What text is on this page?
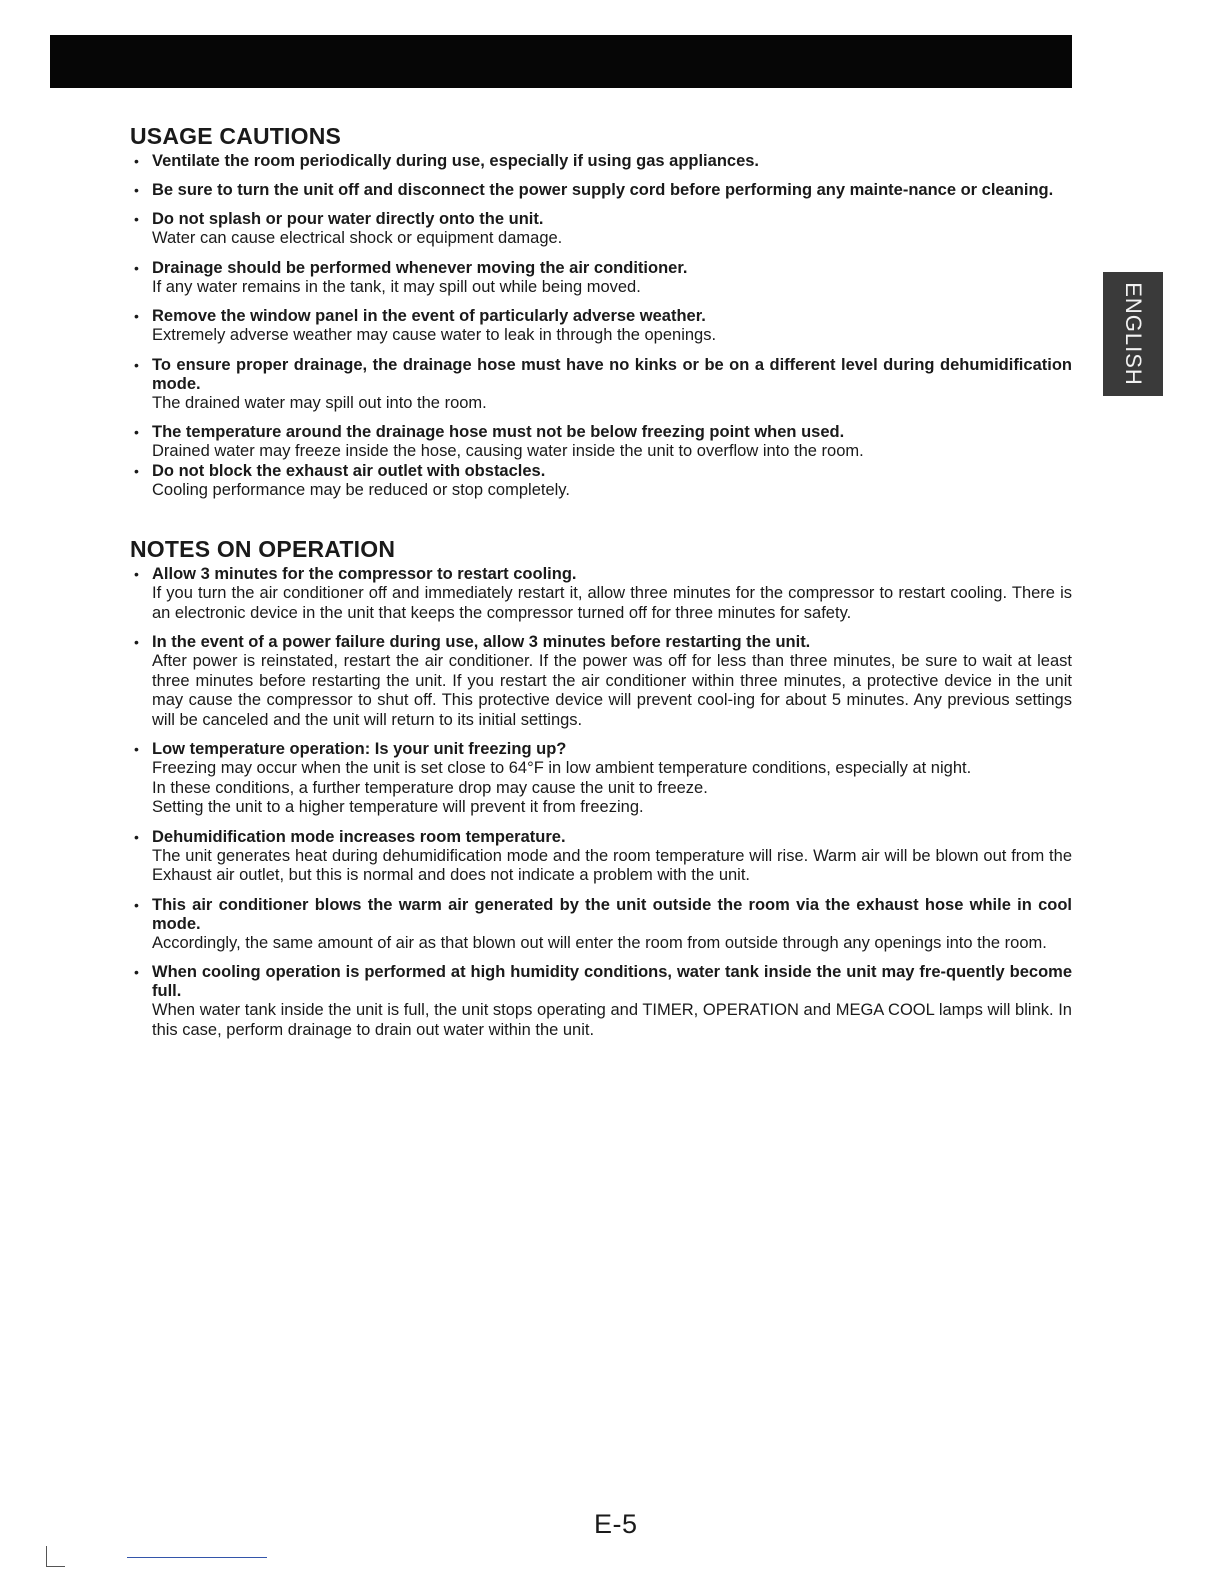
ENGLISH
USAGE CAUTIONS
• Ventilate the room periodically during use, especially if using gas appliances.
• Be sure to turn the unit off and disconnect the power supply cord before performing any mainte-nance or cleaning.
• Do not splash or pour water directly onto the unit.
Water can cause electrical shock or equipment damage.
• Drainage should be performed whenever moving the air conditioner.
If any water remains in the tank, it may spill out while being moved.
• Remove the window panel in the event of particularly adverse weather.
Extremely adverse weather may cause water to leak in through the openings.
• To ensure proper drainage, the drainage hose must have no kinks or be on a different level during dehumidification mode.
The drained water may spill out into the room.
• The temperature around the drainage hose must not be below freezing point when used.
Drained water may freeze inside the hose, causing water inside the unit to overflow into the room.
• Do not block the exhaust air outlet with obstacles.
Cooling performance may be reduced or stop completely.
NOTES ON OPERATION
• Allow 3 minutes for the compressor to restart cooling.
If you turn the air conditioner off and immediately restart it, allow three minutes for the compressor to restart cooling. There is an electronic device in the unit that keeps the compressor turned off for three minutes for safety.
• In the event of a power failure during use, allow 3 minutes before restarting the unit.
After power is reinstated, restart the air conditioner. If the power was off for less than three minutes, be sure to wait at least three minutes before restarting the unit. If you restart the air conditioner within three minutes, a protective device in the unit may cause the compressor to shut off. This protective device will prevent cool-ing for about 5 minutes. Any previous settings will be canceled and the unit will return to its initial settings.
• Low temperature operation: Is your unit freezing up?
Freezing may occur when the unit is set close to 64°F in low ambient temperature conditions, especially at night.
In these conditions, a further temperature drop may cause the unit to freeze.
Setting the unit to a higher temperature will prevent it from freezing.
• Dehumidification mode increases room temperature.
The unit generates heat during dehumidification mode and the room temperature will rise. Warm air will be blown out from the Exhaust air outlet, but this is normal and does not indicate a problem with the unit.
• This air conditioner blows the warm air generated by the unit outside the room via the exhaust hose while in cool mode.
Accordingly, the same amount of air as that blown out will enter the room from outside through any openings into the room.
• When cooling operation is performed at high humidity conditions, water tank inside the unit may fre-quently become full.
When water tank inside the unit is full, the unit stops operating and TIMER, OPERATION and MEGA COOL lamps will blink. In this case, perform drainage to drain out water within the unit.
E-5
